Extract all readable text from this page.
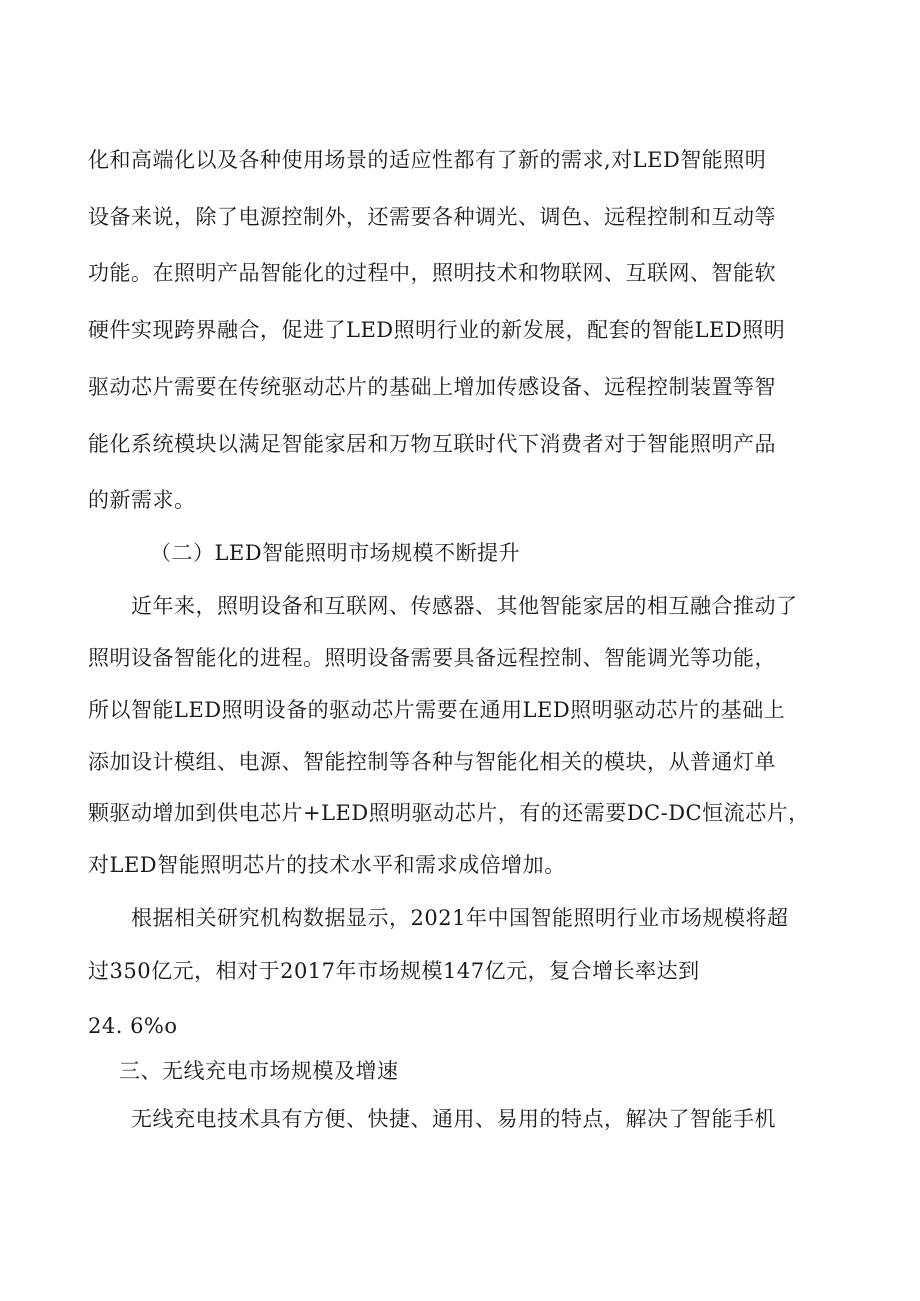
化和高端化以及各种使用场景的适应性都有了新的需求,对LED智能照明
设备来说，除了电源控制外，还需要各种调光、调色、远程控制和互动等
功能。在照明产品智能化的过程中，照明技术和物联网、互联网、智能软
硬件实现跨界融合，促进了LED照明行业的新发展，配套的智能LED照明
驱动芯片需要在传统驱动芯片的基础上增加传感设备、远程控制装置等智
能化系统模块以满足智能家居和万物互联时代下消费者对于智能照明产品
的新需求。
（二）LED智能照明市场规模不断提升
近年来，照明设备和互联网、传感器、其他智能家居的相互融合推动了
照明设备智能化的进程。照明设备需要具备远程控制、智能调光等功能，
所以智能LED照明设备的驱动芯片需要在通用LED照明驱动芯片的基础上
添加设计模组、电源、智能控制等各种与智能化相关的模块，从普通灯单
颗驱动增加到供电芯片+LED照明驱动芯片，有的还需要DC-DC恒流芯片，
对LED智能照明芯片的技术水平和需求成倍增加。
根据相关研究机构数据显示，2021年中国智能照明行业市场规模将超
过350亿元，相对于2017年市场规模147亿元，复合增长率达到
24. 6%o
三、无线充电市场规模及增速
无线充电技术具有方便、快捷、通用、易用的特点，解决了智能手机
